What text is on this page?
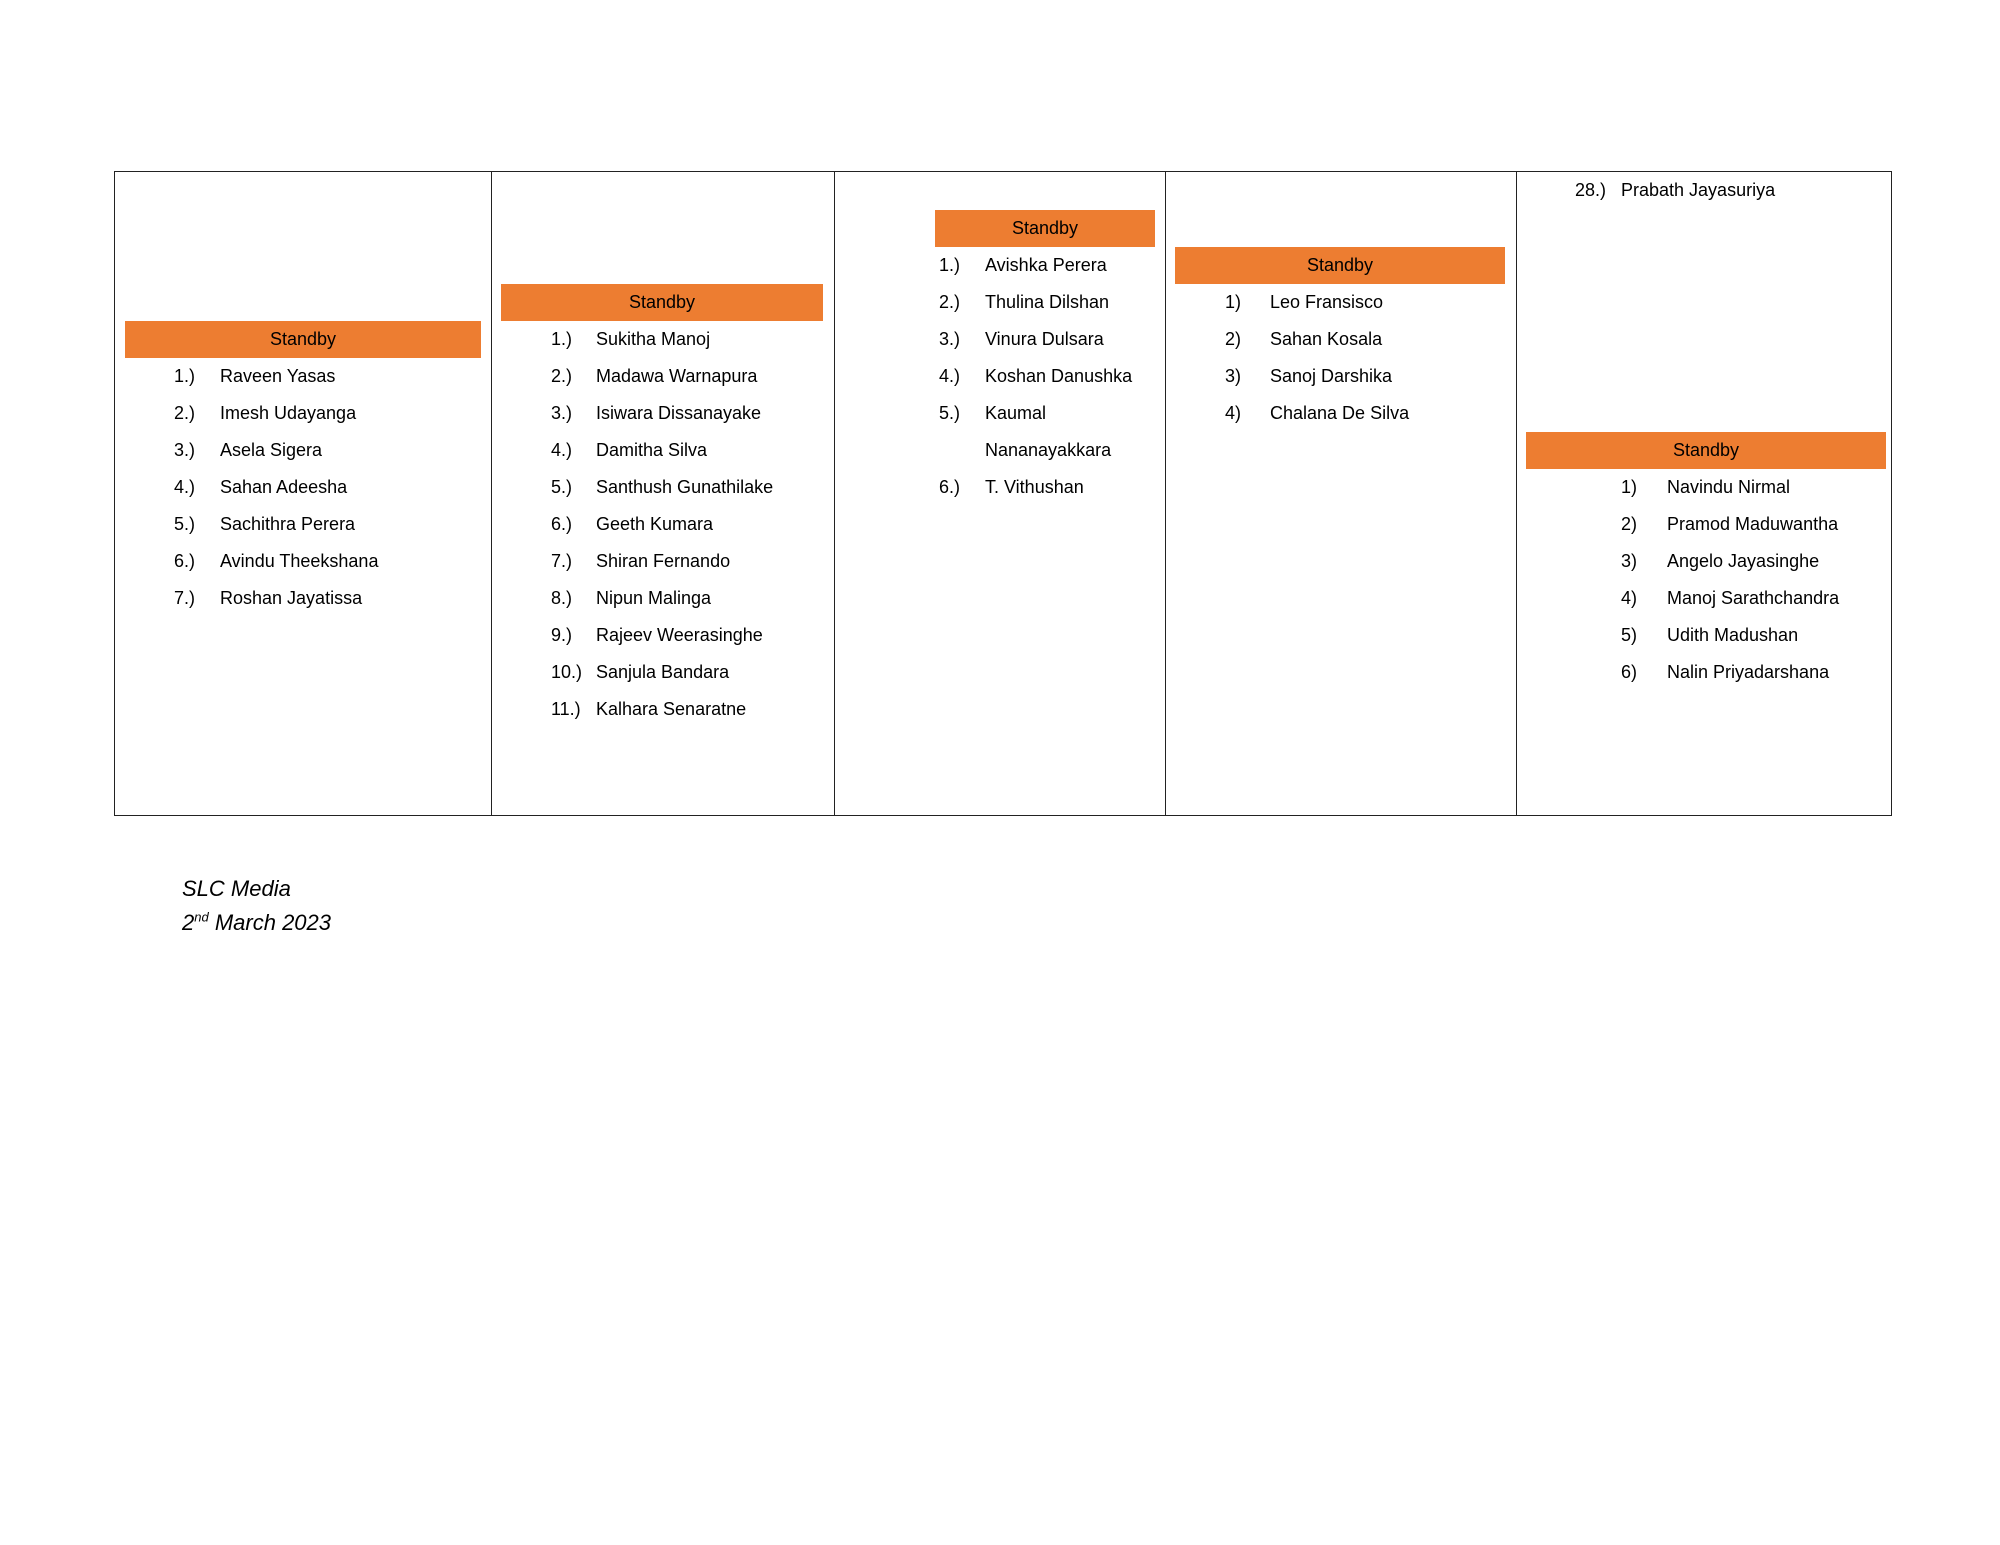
Standby
1.) Raveen Yasas
2.) Imesh Udayanga
3.) Asela Sigera
4.) Sahan Adeesha
5.) Sachithra Perera
6.) Avindu Theekshana
7.) Roshan Jayatissa
Standby
1.) Sukitha Manoj
2.) Madawa Warnapura
3.) Isiwara Dissanayake
4.) Damitha Silva
5.) Santhush Gunathilake
6.) Geeth Kumara
7.) Shiran Fernando
8.) Nipun Malinga
9.) Rajeev Weerasinghe
10.) Sanjula Bandara
11.) Kalhara Senaratne
Standby
1.) Avishka Perera
2.) Thulina Dilshan
3.) Vinura Dulsara
4.) Koshan Danushka
5.) Kaumal
Nananayakkara
6.) T. Vithushan
Standby
1) Leo Fransisco
2) Sahan Kosala
3) Sanoj Darshika
4) Chalana De Silva
28.) Prabath Jayasuriya
Standby
1) Navindu Nirmal
2) Pramod Maduwantha
3) Angelo Jayasinghe
4) Manoj Sarathchandra
5) Udith Madushan
6) Nalin Priyadarshana
SLC Media
2nd March 2023
